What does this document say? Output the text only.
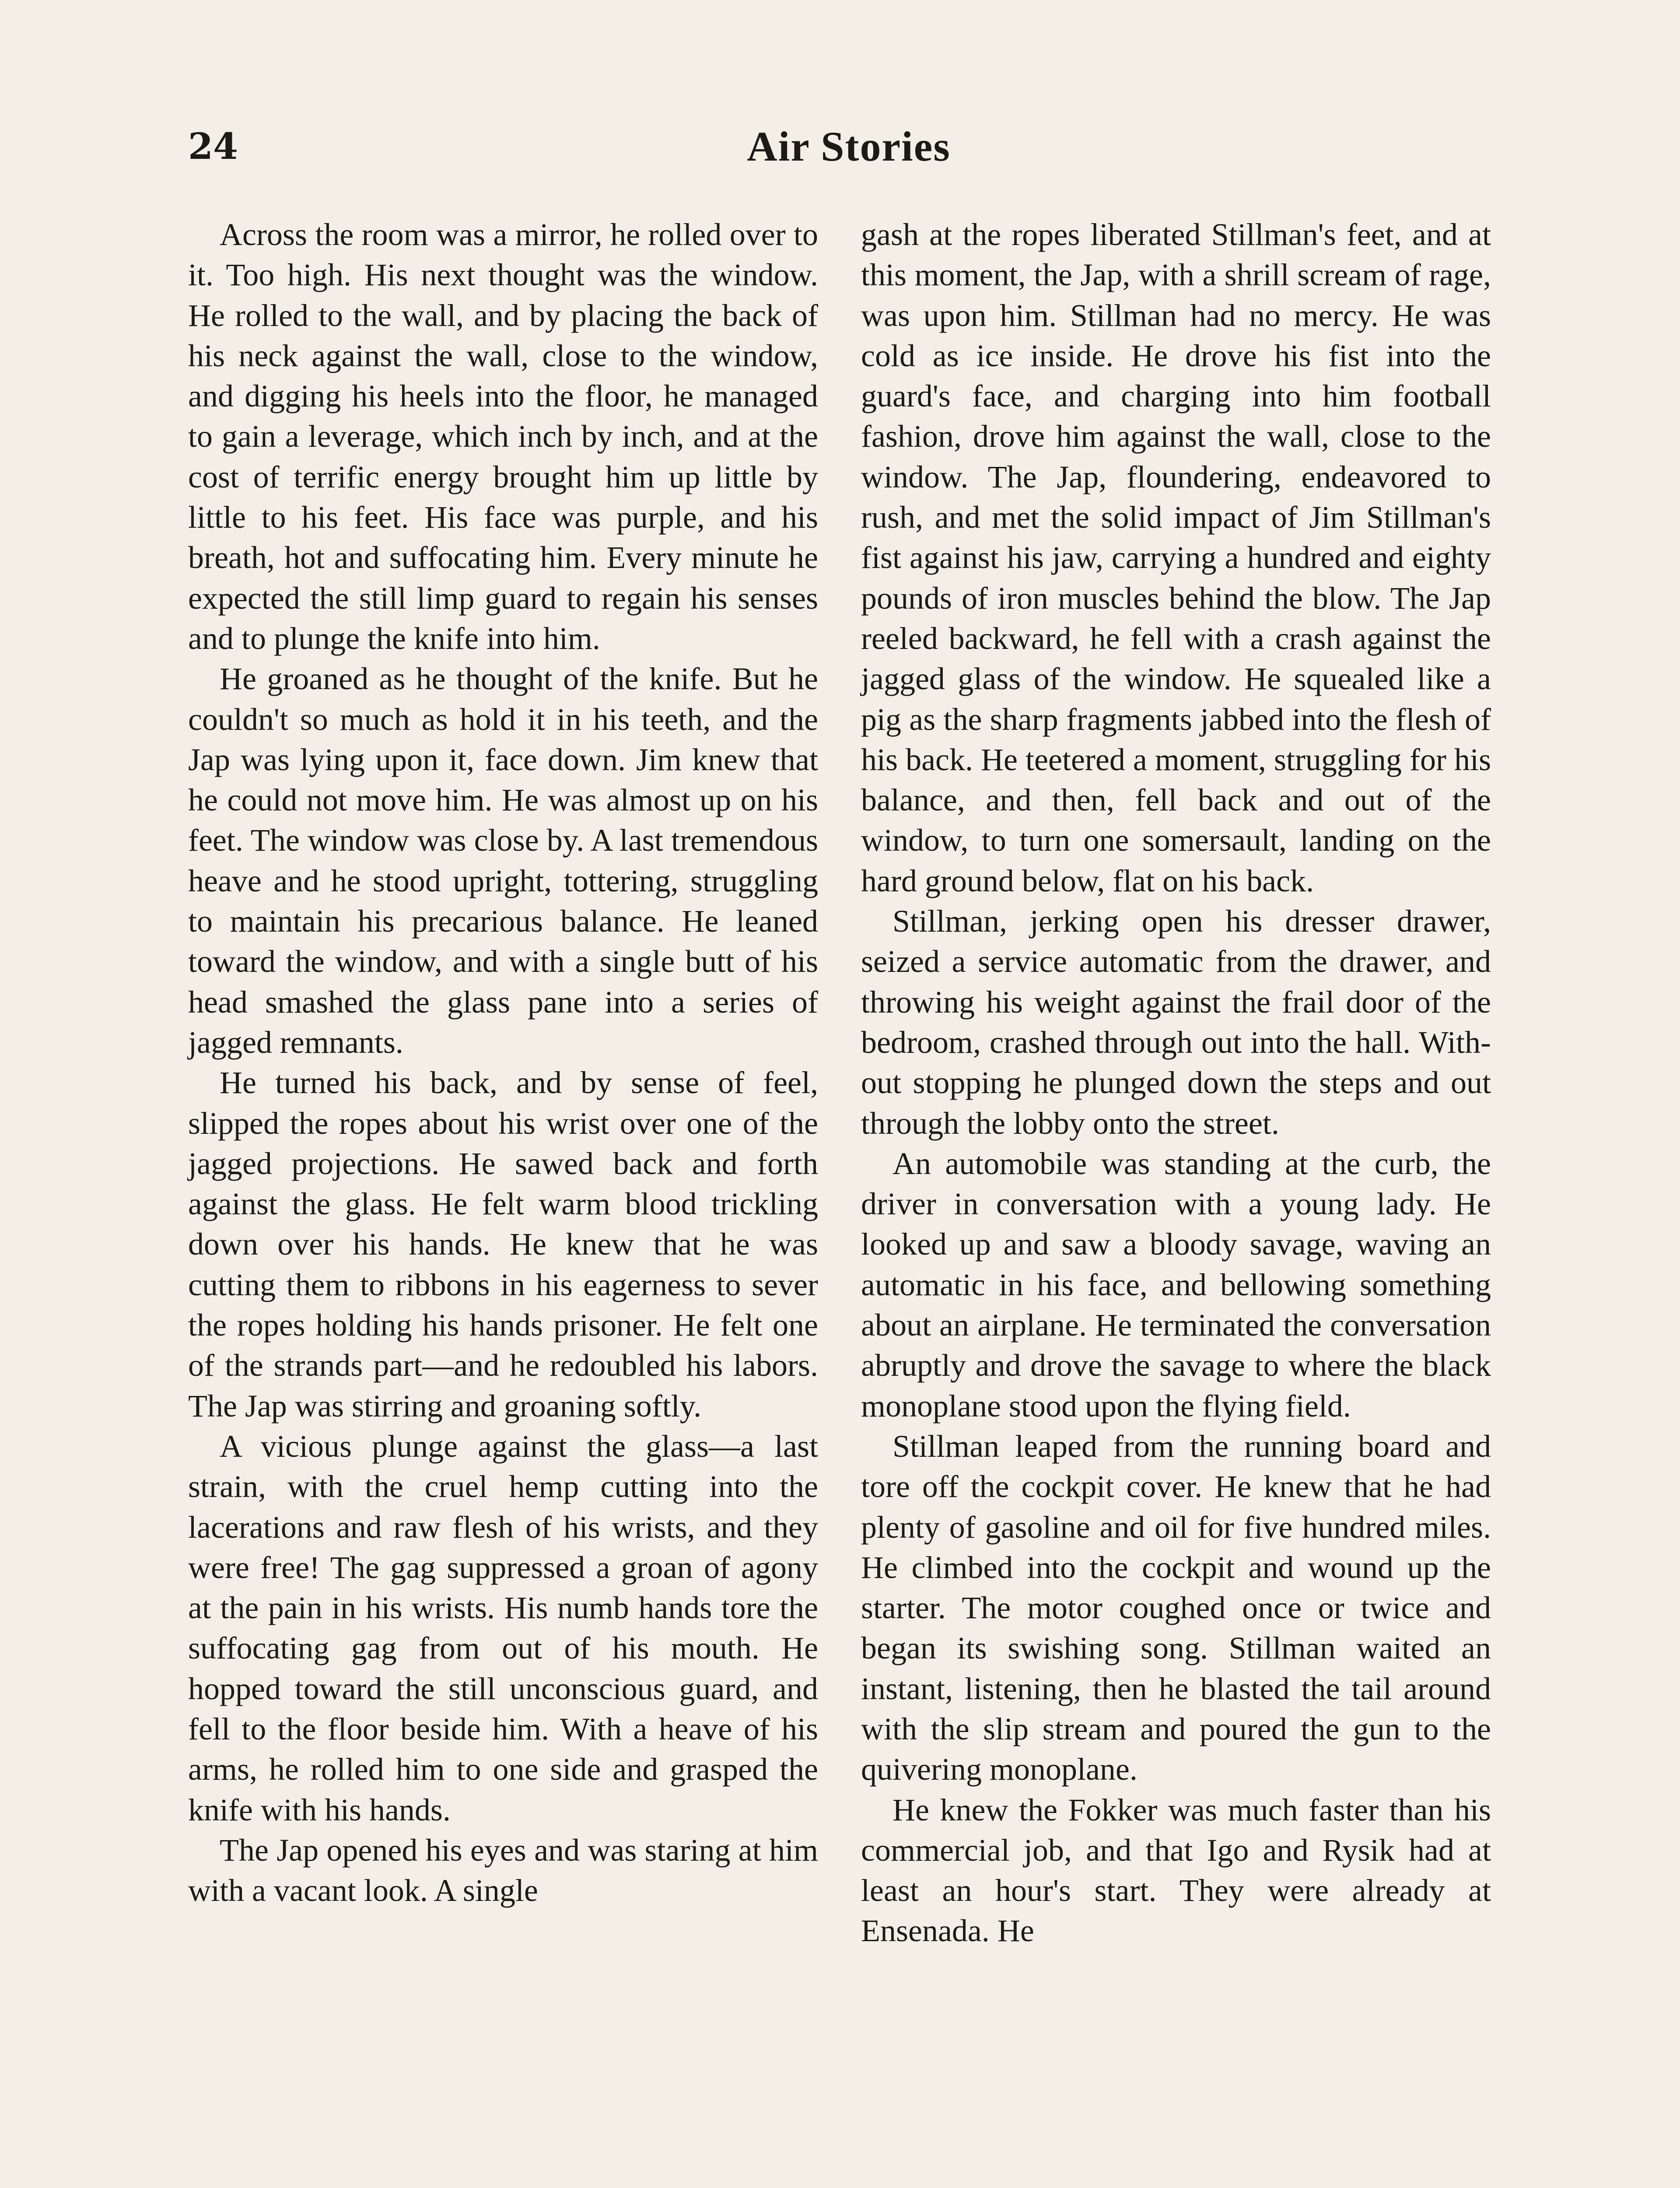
24	Air Stories

Across the room was a mirror, he rolled over to it. Too high. His next thought was the window. He rolled to the wall, and by placing the back of his neck against the wall, close to the window, and digging his heels into the floor, he managed to gain a leverage, which inch by inch, and at the cost of terrific energy brought him up little by little to his feet. His face was purple, and his breath, hot and suffocating him. Every minute he expected the still limp guard to regain his senses and to plunge the knife into him.

He groaned as he thought of the knife. But he couldn't so much as hold it in his teeth, and the Jap was lying upon it, face down. Jim knew that he could not move him. He was almost up on his feet. The window was close by. A last tremendous heave and he stood upright, tottering, struggling to maintain his precarious balance. He leaned toward the window, and with a single butt of his head smashed the glass pane into a series of jagged remnants.

He turned his back, and by sense of feel, slipped the ropes about his wrist over one of the jagged projections. He sawed back and forth against the glass. He felt warm blood trickling down over his hands. He knew that he was cutting them to ribbons in his eagerness to sever the ropes holding his hands prisoner. He felt one of the strands part—and he redoubled his labors. The Jap was stirring and groaning softly.

A vicious plunge against the glass—a last strain, with the cruel hemp cutting into the lacerations and raw flesh of his wrists, and they were free! The gag suppressed a groan of agony at the pain in his wrists. His numb hands tore the suffocating gag from out of his mouth. He hopped toward the still unconscious guard, and fell to the floor beside him. With a heave of his arms, he rolled him to one side and grasped the knife with his hands.

The Jap opened his eyes and was staring at him with a vacant look. A single

gash at the ropes liberated Stillman's feet, and at this moment, the Jap, with a shrill scream of rage, was upon him. Stillman had no mercy. He was cold as ice inside. He drove his fist into the guard's face, and charging into him football fashion, drove him against the wall, close to the window. The Jap, floundering, endeavored to rush, and met the solid impact of Jim Stillman's fist against his jaw, carrying a hundred and eighty pounds of iron muscles behind the blow. The Jap reeled backward, he fell with a crash against the jagged glass of the window. He squealed like a pig as the sharp fragments jabbed into the flesh of his back. He teetered a moment, struggling for his balance, and then, fell back and out of the window, to turn one somersault, landing on the hard ground below, flat on his back.

Stillman, jerking open his dresser drawer, seized a service automatic from the drawer, and throwing his weight against the frail door of the bedroom, crashed through out into the hall. Without stopping he plunged down the steps and out through the lobby onto the street.

An automobile was standing at the curb, the driver in conversation with a young lady. He looked up and saw a bloody savage, waving an automatic in his face, and bellowing something about an airplane. He terminated the conversation abruptly and drove the savage to where the black monoplane stood upon the flying field.

Stillman leaped from the running board and tore off the cockpit cover. He knew that he had plenty of gasoline and oil for five hundred miles. He climbed into the cockpit and wound up the starter. The motor coughed once or twice and began its swishing song. Stillman waited an instant, listening, then he blasted the tail around with the slip stream and poured the gun to the quivering monoplane.

He knew the Fokker was much faster than his commercial job, and that Igo and Rysik had at least an hour's start. They were already at Ensenada. He
